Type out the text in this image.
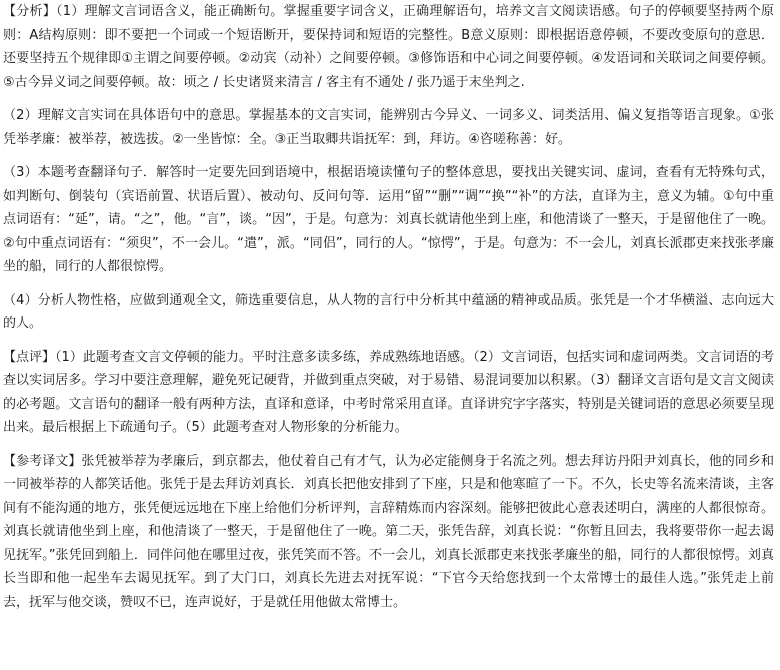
【分析】（1）理解文言词语含义，能正确断句。掌握重要字词含义，正确理解语句，培养文言文阅读语感。句子的停顿要坚持两个原则：A结构原则：即不要把一个词或一个短语断开，要保持词和短语的完整性。B意义原则：即根据语意停顿，不要改变原句的意思．还要坚持五个规律即①主谓之间要停顿。②动宾（动补）之间要停顿。③修饰语和中心词之间要停顿。④发语词和关联词之间要停顿。⑤古今异义词之间要停顿。故：顷之 / 长史诸贤来清言 / 客主有不通处 / 张乃遥于末坐判之.

（2）理解文言实词在具体语句中的意思。掌握基本的文言实词，能辨别古今异义、一词多义、词类活用、偏义复指等语言现象。①张凭举孝廉：被举荐，被选拔。②一坐皆惊：全。③正当取卿共诣抚军：到，拜访。④咨嗟称善：好。

（3）本题考查翻译句子．解答时一定要先回到语境中，根据语境读懂句子的整体意思，要找出关键实词、虚词，查看有无特殊句式，如判断句、倒装句（宾语前置、状语后置）、被动句、反问句等．运用“留”“删”“调”“换”“补”的方法，直译为主，意义为辅。①句中重点词语有：“延”，请。“之”，他。“言”，谈。“因”，于是。句意为：刘真长就请他坐到上座，和他清谈了一整天，于是留他住了一晚。②句中重点词语有：“须臾”，不一会儿。“遣”，派。“同侣”，同行的人。“惊愕”，于是。句意为：不一会儿，刘真长派郡吏来找张孝廉坐的船，同行的人都很惊愕。

（4）分析人物性格，应做到通观全文，筛选重要信息，从人物的言行中分析其中蕴涵的精神或品质。张凭是一个才华横溢、志向远大的人。

【点评】（1）此题考查文言文停顿的能力。平时注意多读多练，养成熟练地语感。（2）文言词语，包括实词和虚词两类。文言词语的考查以实词居多。学习中要注意理解，避免死记硬背，并做到重点突破，对于易错、易混词要加以积累。（3）翻译文言语句是文言文阅读的必考题。文言语句的翻译一般有两种方法，直译和意译，中考时常采用直译。直译讲究字字落实，特别是关键词语的意思必须要呈现出来。最后根据上下疏通句子。（5）此题考查对人物形象的分析能力。

【参考译文】张凭被举荐为孝廉后，到京都去，他仗着自己有才气，认为必定能侧身于名流之列。想去拜访丹阳尹刘真长，他的同乡和一同被举荐的人都笑话他。张凭于是去拜访刘真长．刘真长把他安排到了下座，只是和他寒暄了一下。不久，长史等名流来清谈，主客间有不能沟通的地方，张凭便远远地在下座上给他们分析评判，言辞精炼而内容深刻。能够把彼此心意表述明白，满座的人都很惊奇。刘真长就请他坐到上座，和他清谈了一整天，于是留他住了一晚。第二天，张凭告辞，刘真长说：“你暂且回去，我将要带你一起去谒见抚军。”张凭回到船上．同伴问他在哪里过夜，张凭笑而不答。不一会儿，刘真长派郡吏来找张孝廉坐的船，同行的人都很惊愕。刘真长当即和他一起坐车去谒见抚军。到了大门口，刘真长先进去对抚军说：“下官今天给您找到一个太常博士的最佳人选。”张凭走上前去，抚军与他交谈，赞叹不已，连声说好，于是就任用他做太常博士。
